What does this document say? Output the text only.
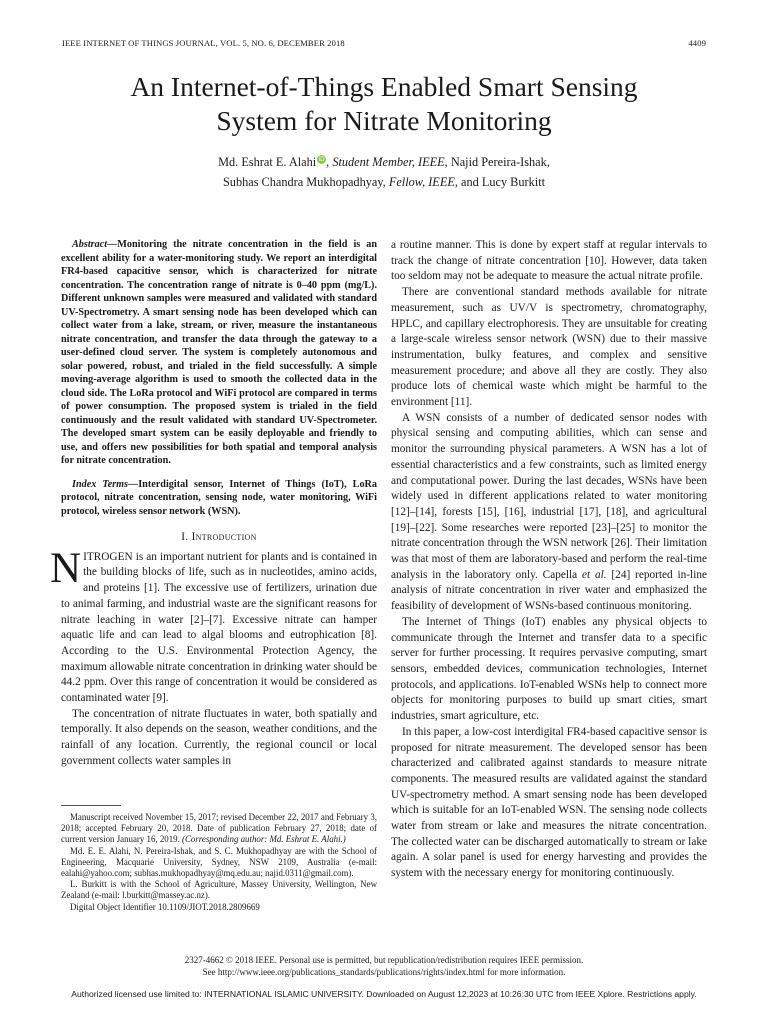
IEEE INTERNET OF THINGS JOURNAL, VOL. 5, NO. 6, DECEMBER 2018	4409
An Internet-of-Things Enabled Smart Sensing
System for Nitrate Monitoring
Md. Eshrat E. Alahi iD, Student Member, IEEE, Najid Pereira-Ishak,
Subhas Chandra Mukhopadhyay, Fellow, IEEE, and Lucy Burkitt

Abstract—Monitoring the nitrate concentration in the field is an excellent ability for a water-monitoring study. We report an interdigital FR4-based capacitive sensor, which is characterized for nitrate concentration. The concentration range of nitrate is 0–40 ppm (mg/L). Different unknown samples were measured and validated with standard UV-Spectrometry. A smart sensing node has been developed which can collect water from a lake, stream, or river, measure the instantaneous nitrate concentration, and transfer the data through the gateway to a user-defined cloud server. The system is completely autonomous and solar powered, robust, and trialed in the field successfully. A simple moving-average algorithm is used to smooth the collected data in the cloud side. The LoRa protocol and WiFi protocol are compared in terms of power consumption. The proposed system is trialed in the field continuously and the result validated with standard UV-Spectrometer. The developed smart system can be easily deployable and friendly to use, and offers new possibilities for both spatial and temporal analysis for nitrate concentration.

Index Terms—Interdigital sensor, Internet of Things (IoT), LoRa protocol, nitrate concentration, sensing node, water monitoring, WiFi protocol, wireless sensor network (WSN).

I. Introduction

NITROGEN is an important nutrient for plants and is contained in the building blocks of life, such as in nucleotides, amino acids, and proteins [1]. The excessive use of fertilizers, urination due to animal farming, and industrial waste are the significant reasons for nitrate leaching in water [2]–[7]. Excessive nitrate can hamper aquatic life and can lead to algal blooms and eutrophication [8]. According to the U.S. Environmental Protection Agency, the maximum allowable nitrate concentration in drinking water should be 44.2 ppm. Over this range of concentration it would be considered as contaminated water [9].

The concentration of nitrate fluctuates in water, both spatially and temporally. It also depends on the season, weather conditions, and the rainfall of any location. Currently, the regional council or local government collects water samples in

Manuscript received November 15, 2017; revised December 22, 2017 and February 3, 2018; accepted February 20, 2018. Date of publication February 27, 2018; date of current version January 16, 2019. (Corresponding author: Md. Eshrat E. Alahi.)

Md. E. E. Alahi, N. Pereira-Ishak, and S. C. Mukhopadhyay are with the School of Engineering, Macquarie University, Sydney, NSW 2109, Australia (e-mail: ealahi@yahoo.com; subhas.mukhopadhyay@mq.edu.au; najid.0311@gmail.com).

L. Burkitt is with the School of Agriculture, Massey University, Wellington, New Zealand (e-mail: l.burkitt@massey.ac.nz).

Digital Object Identifier 10.1109/JIOT.2018.2809669

a routine manner. This is done by expert staff at regular intervals to track the change of nitrate concentration [10]. However, data taken too seldom may not be adequate to measure the actual nitrate profile.

There are conventional standard methods available for nitrate measurement, such as UV/V is spectrometry, chromatography, HPLC, and capillary electrophoresis. They are unsuitable for creating a large-scale wireless sensor network (WSN) due to their massive instrumentation, bulky features, and complex and sensitive measurement procedure; and above all they are costly. They also produce lots of chemical waste which might be harmful to the environment [11].

A WSN consists of a number of dedicated sensor nodes with physical sensing and computing abilities, which can sense and monitor the surrounding physical parameters. A WSN has a lot of essential characteristics and a few constraints, such as limited energy and computational power. During the last decades, WSNs have been widely used in different applications related to water monitoring [12]–[14], forests [15], [16], industrial [17], [18], and agricultural [19]–[22]. Some researches were reported [23]–[25] to monitor the nitrate concentration through the WSN network [26]. Their limitation was that most of them are laboratory-based and perform the real-time analysis in the laboratory only. Capella et al. [24] reported in-line analysis of nitrate concentration in river water and emphasized the feasibility of development of WSNs-based continuous monitoring.

The Internet of Things (IoT) enables any physical objects to communicate through the Internet and transfer data to a specific server for further processing. It requires pervasive computing, smart sensors, embedded devices, communication technologies, Internet protocols, and applications. IoT-enabled WSNs help to connect more objects for monitoring purposes to build up smart cities, smart industries, smart agriculture, etc.

In this paper, a low-cost interdigital FR4-based capacitive sensor is proposed for nitrate measurement. The developed sensor has been characterized and calibrated against standards to measure nitrate components. The measured results are validated against the standard UV-spectrometry method. A smart sensing node has been developed which is suitable for an IoT-enabled WSN. The sensing node collects water from stream or lake and measures the nitrate concentration. The collected water can be discharged automatically to stream or lake again. A solar panel is used for energy harvesting and provides the system with the necessary energy for monitoring continuously.

2327-4662 © 2018 IEEE. Personal use is permitted, but republication/redistribution requires IEEE permission.
See http://www.ieee.org/publications_standards/publications/rights/index.html for more information.
Authorized licensed use limited to: INTERNATIONAL ISLAMIC UNIVERSITY. Downloaded on August 12,2023 at 10:26:30 UTC from IEEE Xplore. Restrictions apply.
